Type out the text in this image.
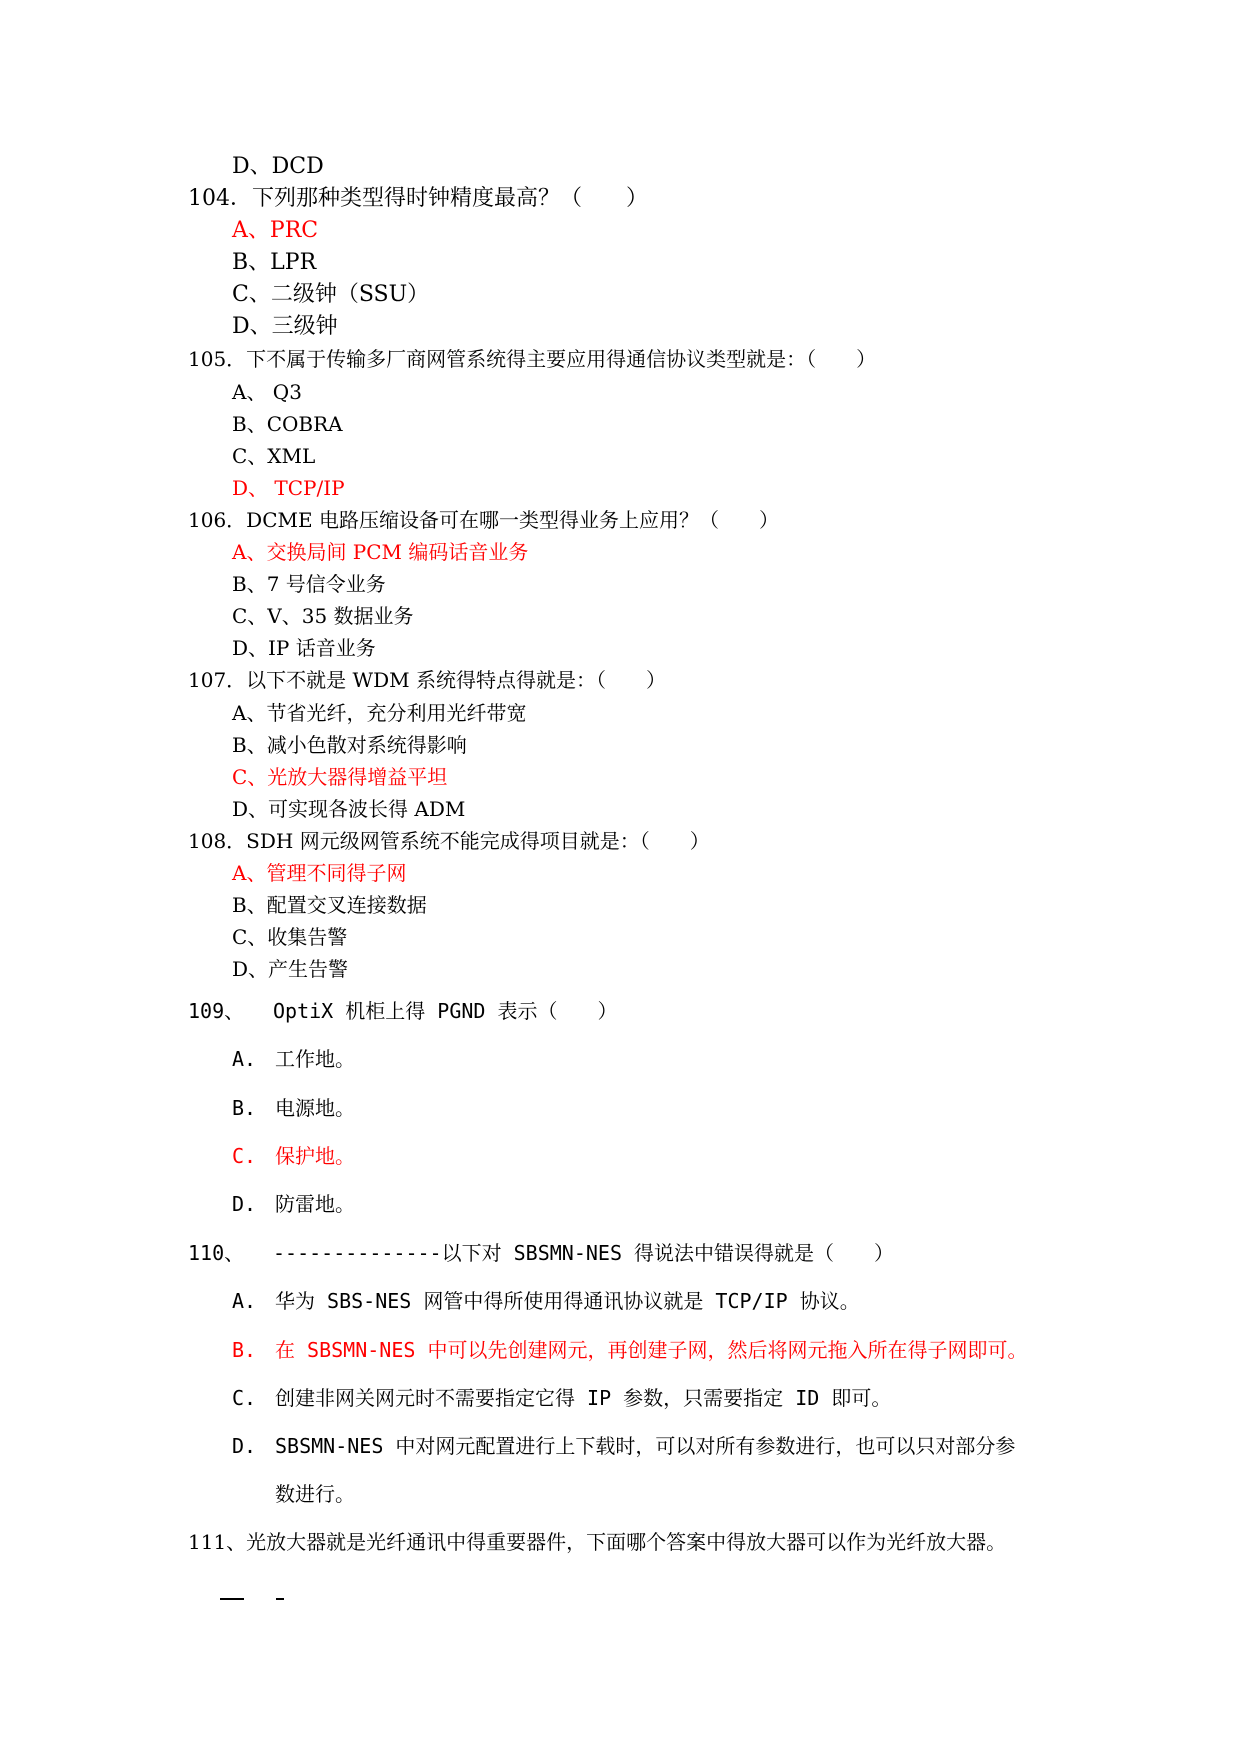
D、DCD
104．下列那种类型得时钟精度最高？（　　）
A、PRC
B、LPR
C、二级钟（SSU）
D、三级钟
105．下不属于传输多厂商网管系统得主要应用得通信协议类型就是：（　　）
A、 Q3
B、COBRA
C、XML
D、 TCP/IP
106．DCME 电路压缩设备可在哪一类型得业务上应用？（　　）
A、交换局间 PCM 编码话音业务
B、7 号信令业务
C、V、35 数据业务
D、IP 话音业务
107．以下不就是 WDM 系统得特点得就是：（　　）
A、节省光纤，充分利用光纤带宽
B、减小色散对系统得影响
C、光放大器得增益平坦
D、可实现各波长得 ADM
108．SDH 网元级网管系统不能完成得项目就是：（　　）
A、管理不同得子网
B、配置交叉连接数据
C、收集告警
D、产生告警
109、 OptiX 机柜上得 PGND 表示（　　）
A. 工作地。
B. 电源地。
C. 保护地。
D. 防雷地。
110、 --------------以下对 SBSMN-NES 得说法中错误得就是（　　）
A. 华为 SBS-NES 网管中得所使用得通讯协议就是 TCP/IP 协议。
B. 在 SBSMN-NES 中可以先创建网元，再创建子网，然后将网元拖入所在得子网即可。
C. 创建非网关网元时不需要指定它得 IP 参数，只需要指定 ID 即可。
D. SBSMN-NES 中对网元配置进行上下载时，可以对所有参数进行，也可以只对部分参
数进行。
111、光放大器就是光纤通讯中得重要器件，下面哪个答案中得放大器可以作为光纤放大器。
